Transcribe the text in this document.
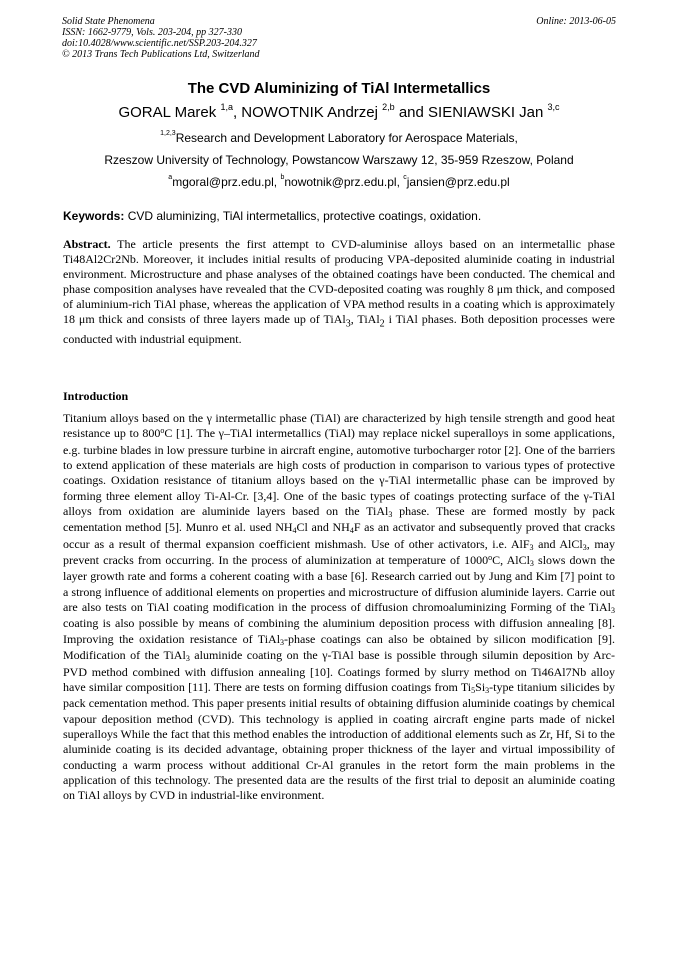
Solid State Phenomena
ISSN: 1662-9779, Vols. 203-204, pp 327-330
doi:10.4028/www.scientific.net/SSP.203-204.327
© 2013 Trans Tech Publications Ltd, Switzerland
Online: 2013-06-05
The CVD Aluminizing of TiAl Intermetallics
GORAL Marek $^{1,a}$, NOWOTNIK Andrzej $^{2,b}$ and SIENIAWSKI Jan $^{3,c}$
$^{1,2,3}$Research and Development Laboratory for Aerospace Materials,
Rzeszow University of Technology, Powstancow Warszawy 12, 35-959 Rzeszow, Poland
$^a$mgoral@prz.edu.pl, $^b$nowotnik@prz.edu.pl, $^c$jansien@prz.edu.pl
Keywords: CVD aluminizing, TiAl intermetallics, protective coatings, oxidation.
Abstract. The article presents the first attempt to CVD-aluminise alloys based on an intermetallic phase Ti48Al2Cr2Nb. Moreover, it includes initial results of producing VPA-deposited aluminide coating in industrial environment. Microstructure and phase analyses of the obtained coatings have been conducted. The chemical and phase composition analyses have revealed that the CVD-deposited coating was roughly 8 μm thick, and composed of aluminium-rich TiAl phase, whereas the application of VPA method results in a coating which is approximately 18 μm thick and consists of three layers made up of TiAl$_3$, TiAl$_2$ i TiAl phases. Both deposition processes were conducted with industrial equipment.
Introduction
Titanium alloys based on the γ intermetallic phase (TiAl) are characterized by high tensile strength and good heat resistance up to 800$^o$C [1]. The γ–TiAl intermetallics (TiAl) may replace nickel superalloys in some applications, e.g. turbine blades in low pressure turbine in aircraft engine, automotive turbocharger rotor [2]. One of the barriers to extend application of these materials are high costs of production in comparison to various types of protective coatings. Oxidation resistance of titanium alloys based on the γ-TiAl intermetallic phase can be improved by forming three element alloy Ti-Al-Cr. [3,4]. One of the basic types of coatings protecting surface of the γ-TiAl alloys from oxidation are aluminide layers based on the TiAl$_3$ phase. These are formed mostly by pack cementation method [5]. Munro et al. used $NH_4Cl$ and $NH_4F$ as an activator and subsequently proved that cracks occur as a result of thermal expansion coefficient mishmash. Use of other activators, i.e. AlF$_3$ and AlCl$_3$, may prevent cracks from occurring. In the process of aluminization at temperature of 1000$^o$C, AlCl$_3$ slows down the layer growth rate and forms a coherent coating with a base [6]. Research carried out by Jung and Kim [7] point to a strong influence of additional elements on properties and microstructure of diffusion aluminide layers. Carrie out are also tests on TiAl coating modification in the process of diffusion chromoaluminizing Forming of the TiAl$_3$ coating is also possible by means of combining the aluminium deposition process with diffusion annealing [8]. Improving the oxidation resistance of TiAl$_3$-phase coatings can also be obtained by silicon modification [9]. Modification of the TiAl$_3$ aluminide coating on the γ-TiAl base is possible through silumin deposition by Arc-PVD method combined with diffusion annealing [10]. Coatings formed by slurry method on Ti46Al7Nb alloy have similar composition [11]. There are tests on forming diffusion coatings from $Ti_5Si_3$-type titanium silicides by pack cementation method. This paper presents initial results of obtaining diffusion aluminide coatings by chemical vapour deposition method (CVD). This technology is applied in coating aircraft engine parts made of nickel superalloys While the fact that this method enables the introduction of additional elements such as Zr, Hf, Si to the aluminide coating is its decided advantage, obtaining proper thickness of the layer and virtual impossibility of conducting a warm process without additional Cr-Al granules in the retort form the main problems in the application of this technology. The presented data are the results of the first trial to deposit an aluminide coating on TiAl alloys by CVD in industrial-like environment.
